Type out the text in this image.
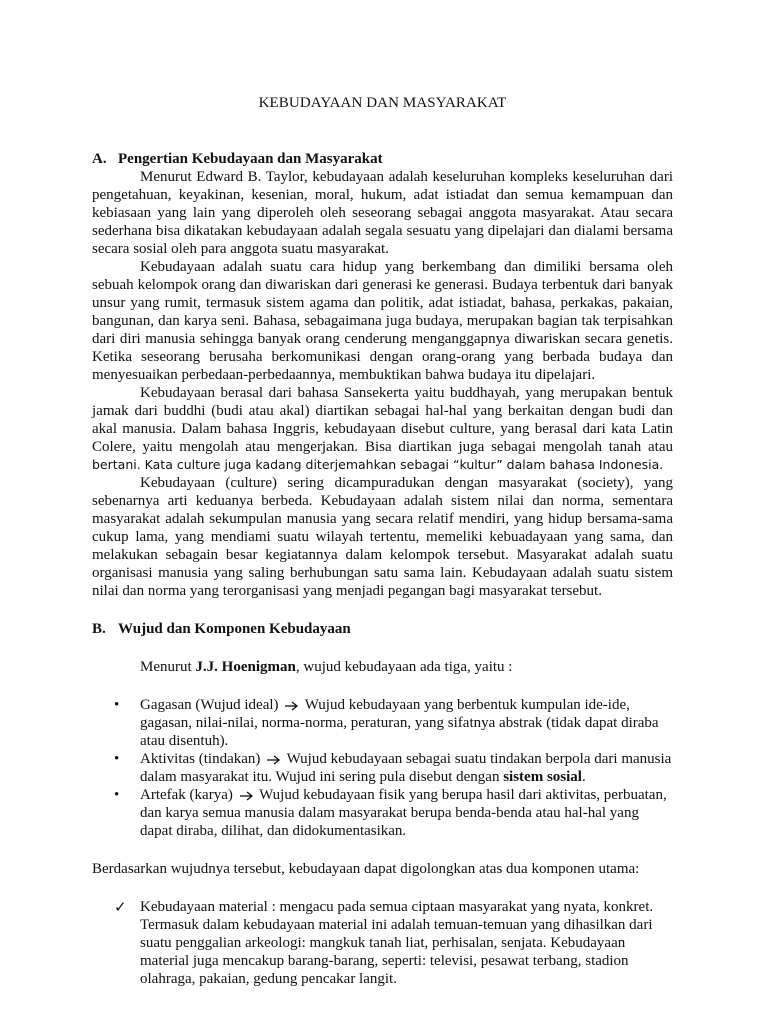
KEBUDAYAAN DAN MASYARAKAT
A. Pengertian Kebudayaan dan Masyarakat

Menurut Edward B. Taylor, kebudayaan adalah keseluruhan kompleks keseluruhan dari pengetahuan, keyakinan, kesenian, moral, hukum, adat istiadat dan semua kemampuan dan kebiasaan yang lain yang diperoleh oleh seseorang sebagai anggota masyarakat. Atau secara sederhana bisa dikatakan kebudayaan adalah segala sesuatu yang dipelajari dan dialami bersama secara sosial oleh para anggota suatu masyarakat.

Kebudayaan adalah suatu cara hidup yang berkembang dan dimiliki bersama oleh sebuah kelompok orang dan diwariskan dari generasi ke generasi. Budaya terbentuk dari banyak unsur yang rumit, termasuk sistem agama dan politik, adat istiadat, bahasa, perkakas, pakaian, bangunan, dan karya seni. Bahasa, sebagaimana juga budaya, merupakan bagian tak terpisahkan dari diri manusia sehingga banyak orang cenderung menganggapnya diwariskan secara genetis. Ketika seseorang berusaha berkomunikasi dengan orang-orang yang berbada budaya dan menyesuaikan perbedaan-perbedaannya, membuktikan bahwa budaya itu dipelajari.

Kebudayaan berasal dari bahasa Sansekerta yaitu buddhayah, yang merupakan bentuk jamak dari buddhi (budi atau akal) diartikan sebagai hal-hal yang berkaitan dengan budi dan akal manusia. Dalam bahasa Inggris, kebudayaan disebut culture, yang berasal dari kata Latin Colere, yaitu mengolah atau mengerjakan. Bisa diartikan juga sebagai mengolah tanah atau bertani. Kata culture juga kadang diterjemahkan sebagai “kultur” dalam bahasa Indonesia.

Kebudayaan (culture) sering dicampuradukan dengan masyarakat (society), yang sebenarnya arti keduanya berbeda. Kebudayaan adalah sistem nilai dan norma, sementara masyarakat adalah sekumpulan manusia yang secara relatif mendiri, yang hidup bersama-sama cukup lama, yang mendiami suatu wilayah tertentu, memeliki kebuadayaan yang sama, dan melakukan sebagain besar kegiatannya dalam kelompok tersebut. Masyarakat adalah suatu organisasi manusia yang saling berhubungan satu sama lain. Kebudayaan adalah suatu sistem nilai dan norma yang terorganisasi yang menjadi pegangan bagi masyarakat tersebut.

B. Wujud dan Komponen Kebudayaan
Menurut J.J. Hoenigman, wujud kebudayaan ada tiga, yaitu :
• Gagasan (Wujud ideal) Wujud kebudayaan yang berbentuk kumpulan ide-ide, gagasan, nilai-nilai, norma-norma, peraturan, yang sifatnya abstrak (tidak dapat diraba atau disentuh).
• Aktivitas (tindakan) Wujud kebudayaan sebagai suatu tindakan berpola dari manusia dalam masyarakat itu. Wujud ini sering pula disebut dengan sistem sosial.
• Artefak (karya) Wujud kebudayaan fisik yang berupa hasil dari aktivitas, perbuatan, dan karya semua manusia dalam masyarakat berupa benda-benda atau hal-hal yang dapat diraba, dilihat, dan didokumentasikan.
Berdasarkan wujudnya tersebut, kebudayaan dapat digolongkan atas dua komponen utama:
✓ Kebudayaan material : mengacu pada semua ciptaan masyarakat yang nyata, konkret. Termasuk dalam kebudayaan material ini adalah temuan-temuan yang dihasilkan dari suatu penggalian arkeologi: mangkuk tanah liat, perhisalan, senjata. Kebudayaan material juga mencakup barang-barang, seperti: televisi, pesawat terbang, stadion olahraga, pakaian, gedung pencakar langit.
